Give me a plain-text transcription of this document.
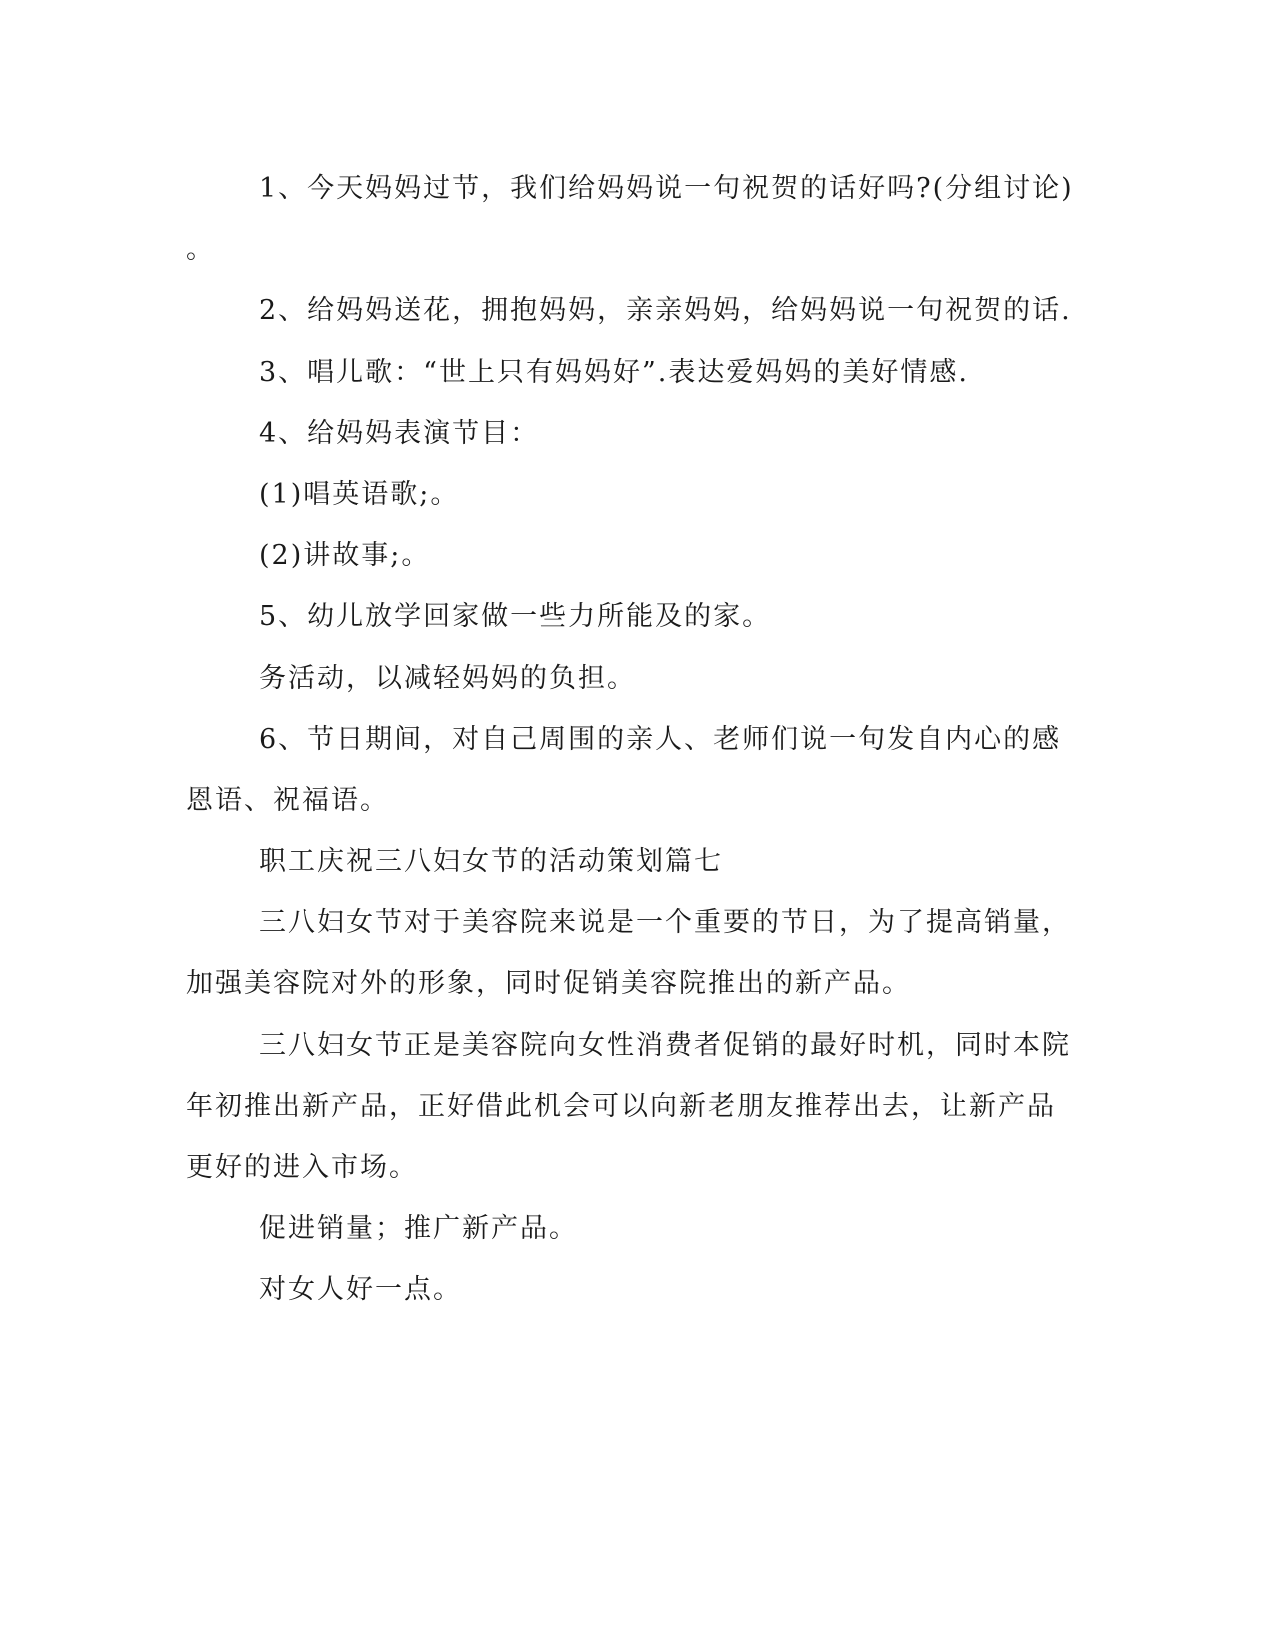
1、今天妈妈过节，我们给妈妈说一句祝贺的话好吗?(分组讨论)
。
2、给妈妈送花，拥抱妈妈，亲亲妈妈，给妈妈说一句祝贺的话.
3、唱儿歌：“世上只有妈妈好”.表达爱妈妈的美好情感.
4、给妈妈表演节目：
(1)唱英语歌;。
(2)讲故事;。
5、幼儿放学回家做一些力所能及的家。
务活动，以减轻妈妈的负担。
6、节日期间，对自己周围的亲人、老师们说一句发自内心的感
恩语、祝福语。
职工庆祝三八妇女节的活动策划篇七
三八妇女节对于美容院来说是一个重要的节日，为了提高销量，
加强美容院对外的形象，同时促销美容院推出的新产品。
三八妇女节正是美容院向女性消费者促销的最好时机，同时本院
年初推出新产品，正好借此机会可以向新老朋友推荐出去，让新产品
更好的进入市场。
促进销量；推广新产品。
对女人好一点。
